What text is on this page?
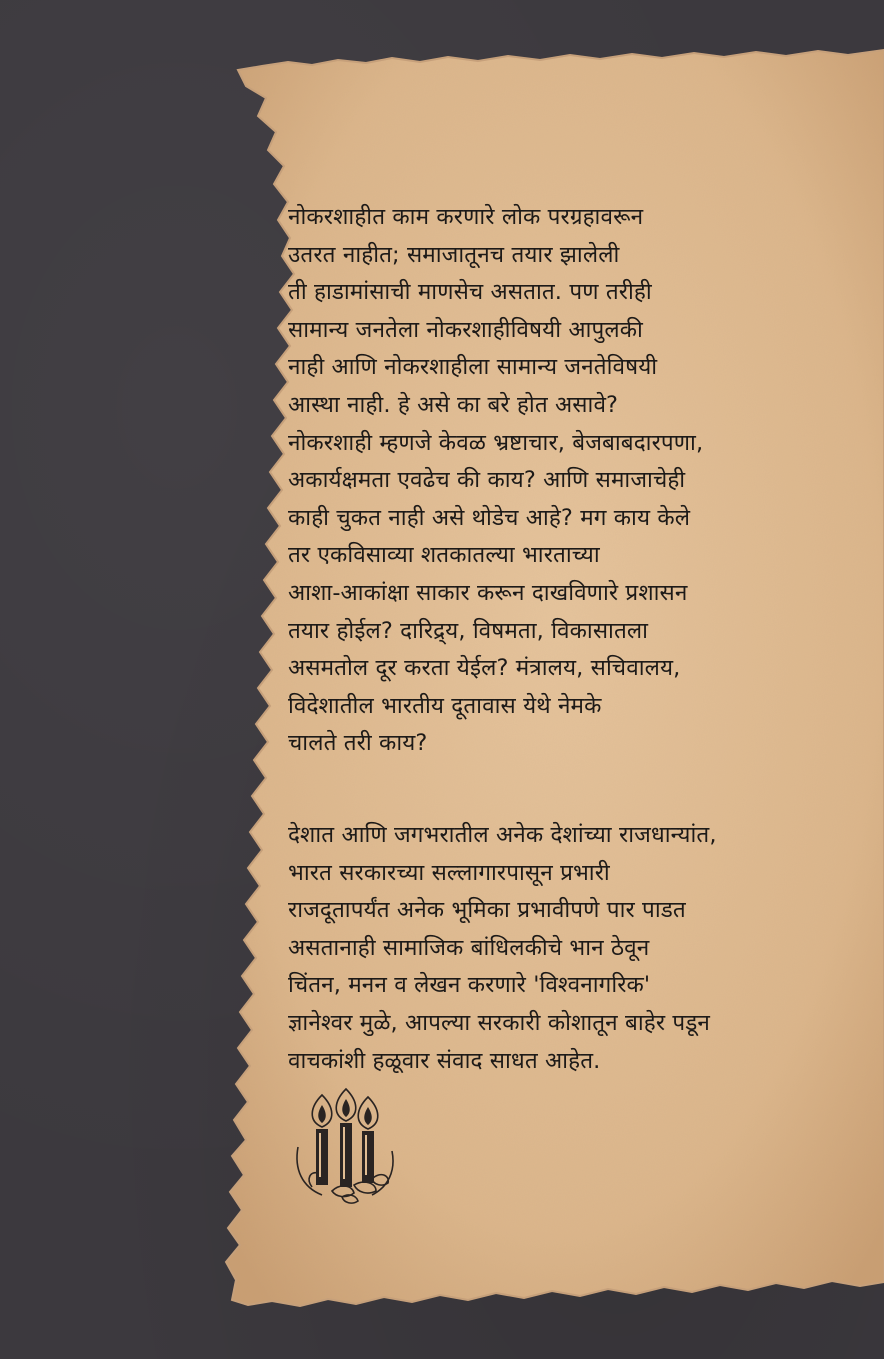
नोकरशाहीत काम करणारे लोक परग्रहावरून
उतरत नाहीत; समाजातूनच तयार झालेली
ती हाडामांसाची माणसेच असतात. पण तरीही
सामान्य जनतेला नोकरशाहीविषयी आपुलकी
नाही आणि नोकरशाहीला सामान्य जनतेविषयी
आस्था नाही. हे असे का बरे होत असावे?
नोकरशाही म्हणजे केवळ भ्रष्टाचार, बेजबाबदारपणा,
अकार्यक्षमता एवढेच की काय? आणि समाजाचेही
काही चुकत नाही असे थोडेच आहे? मग काय केले
तर एकविसाव्या शतकातल्या भारताच्या
आशा-आकांक्षा साकार करून दाखविणारे प्रशासन
तयार होईल? दारिद्र्य, विषमता, विकासातला
असमतोल दूर करता येईल? मंत्रालय, सचिवालय,
विदेशातील भारतीय दूतावास येथे नेमके
चालते तरी काय?
देशात आणि जगभरातील अनेक देशांच्या राजधान्यांत,
भारत सरकारच्या सल्लागारपासून प्रभारी
राजदूतापर्यंत अनेक भूमिका प्रभावीपणे पार पाडत
असतानाही सामाजिक बांधिलकीचे भान ठेवून
चिंतन, मनन व लेखन करणारे 'विश्वनागरिक'
ज्ञानेश्वर मुळे, आपल्या सरकारी कोशातून बाहेर पडून
वाचकांशी हळूवार संवाद साधत आहेत.
